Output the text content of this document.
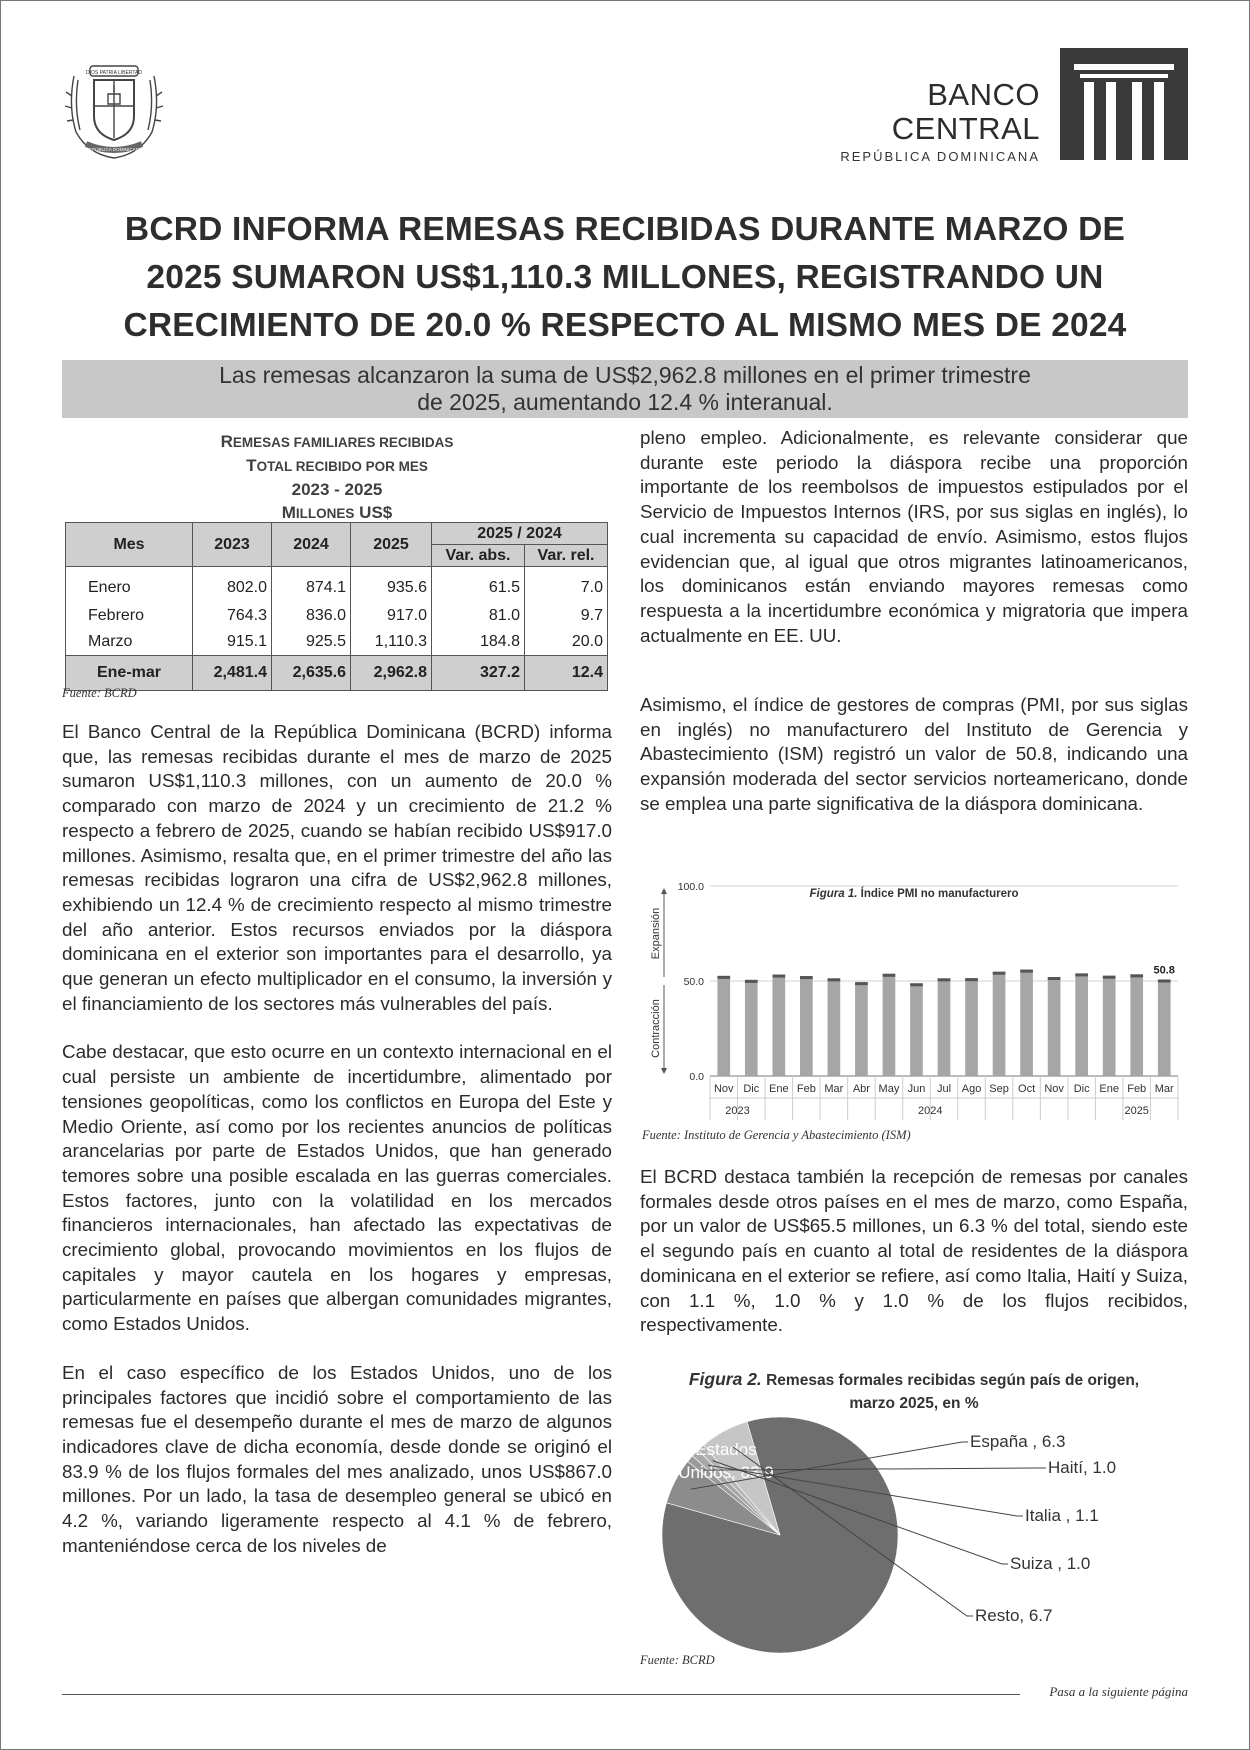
DIOS PATRIA LIBERTAD
REPÚBLICA DOMINICANA
BANCO CENTRAL
REPÚBLICA DOMINICANA
BCRD INFORMA REMESAS RECIBIDAS DURANTE MARZO DE
2025 SUMARON US$1,110.3 MILLONES, REGISTRANDO UN
CRECIMIENTO DE 20.0 % RESPECTO AL MISMO MES DE 2024
Las remesas alcanzaron la suma de US$2,962.8 millones en el primer trimestre
de 2025, aumentando 12.4 % interanual.
REMESAS FAMILIARES RECIBIDAS
TOTAL RECIBIDO POR MES
2023 - 2025
MILLONES US$
Mes	2023	2024	2025	2025 / 2024	
				Var. abs.	Var. rel.
Enero	802.0	874.1	935.6	61.5	7.0
Febrero	764.3	836.0	917.0	81.0	9.7
Marzo	915.1	925.5	1,110.3	184.8	20.0
Ene-mar	2,481.4	2,635.6	2,962.8	327.2	12.4
Fuente: BCRD

El Banco Central de la República Dominicana (BCRD) informa que, las remesas recibidas durante el mes de marzo de 2025 sumaron US$1,110.3 millones, con un aumento de 20.0 % comparado con marzo de 2024 y un crecimiento de 21.2 % respecto a febrero de 2025, cuando se habían recibido US$917.0 millones. Asimismo, resalta que, en el primer trimestre del año las remesas recibidas lograron una cifra de US$2,962.8 millones, exhibiendo un 12.4 % de crecimiento respecto al mismo trimestre del año anterior. Estos recursos enviados por la diáspora dominicana en el exterior son importantes para el desarrollo, ya que generan un efecto multiplicador en el consumo, la inversión y el financiamiento de los sectores más vulnerables del país.

Cabe destacar, que esto ocurre en un contexto internacional en el cual persiste un ambiente de incertidumbre, alimentado por tensiones geopolíticas, como los conflictos en Europa del Este y Medio Oriente, así como por los recientes anuncios de políticas arancelarias por parte de Estados Unidos, que han generado temores sobre una posible escalada en las guerras comerciales. Estos factores, junto con la volatilidad en los mercados financieros internacionales, han afectado las expectativas de crecimiento global, provocando movimientos en los flujos de capitales y mayor cautela en los hogares y empresas, particularmente en países que albergan comunidades migrantes, como Estados Unidos.

En el caso específico de los Estados Unidos, uno de los principales factores que incidió sobre el comportamiento de las remesas fue el desempeño durante el mes de marzo de algunos indicadores clave de dicha economía, desde donde se originó el 83.9 % de los flujos formales del mes analizado, unos US$867.0 millones. Por un lado, la tasa de desempleo general se ubicó en 4.2 %, variando ligeramente respecto al 4.1 % de febrero, manteniéndose cerca de los niveles de

pleno empleo. Adicionalmente, es relevante considerar que durante este periodo la diáspora recibe una proporción importante de los reembolsos de impuestos estipulados por el Servicio de Impuestos Internos (IRS, por sus siglas en inglés), lo cual incrementa su capacidad de envío. Asimismo, estos flujos evidencian que, al igual que otros migrantes latinoamericanos, los dominicanos están enviando mayores remesas como respuesta a la incertidumbre económica y migratoria que impera actualmente en EE. UU.

Asimismo, el índice de gestores de compras (PMI, por sus siglas en inglés) no manufacturero del Instituto de Gerencia y Abastecimiento (ISM) registró un valor de 50.8, indicando una expansión moderada del sector servicios norteamericano, donde se emplea una parte significativa de la diáspora dominicana.

Figura 1. Índice PMI no manufacturero
0.0
50.0
100.0
Expansión
Contracción
Nov Dic Ene Feb Mar Abr May Jun Jul Ago Sep Oct Nov Dic Ene Feb Mar
50.8
2023	2024	2025
Fuente: Instituto de Gerencia y Abastecimiento (ISM)

El BCRD destaca también la recepción de remesas por canales formales desde otros países en el mes de marzo, como España, por un valor de US$65.5 millones, un 6.3 % del total, siendo este el segundo país en cuanto al total de residentes de la diáspora dominicana en el exterior se refiere, así como Italia, Haití y Suiza, con 1.1 %, 1.0 % y 1.0 % de los flujos recibidos, respectivamente.

Figura 2. Remesas formales recibidas según país de origen,
marzo 2025, en %
Estados
Unidos, 83.9
España , 6.3
Haití, 1.0
Italia , 1.1
Suiza , 1.0
Resto, 6.7
Fuente: BCRD
Pasa a la siguiente página
